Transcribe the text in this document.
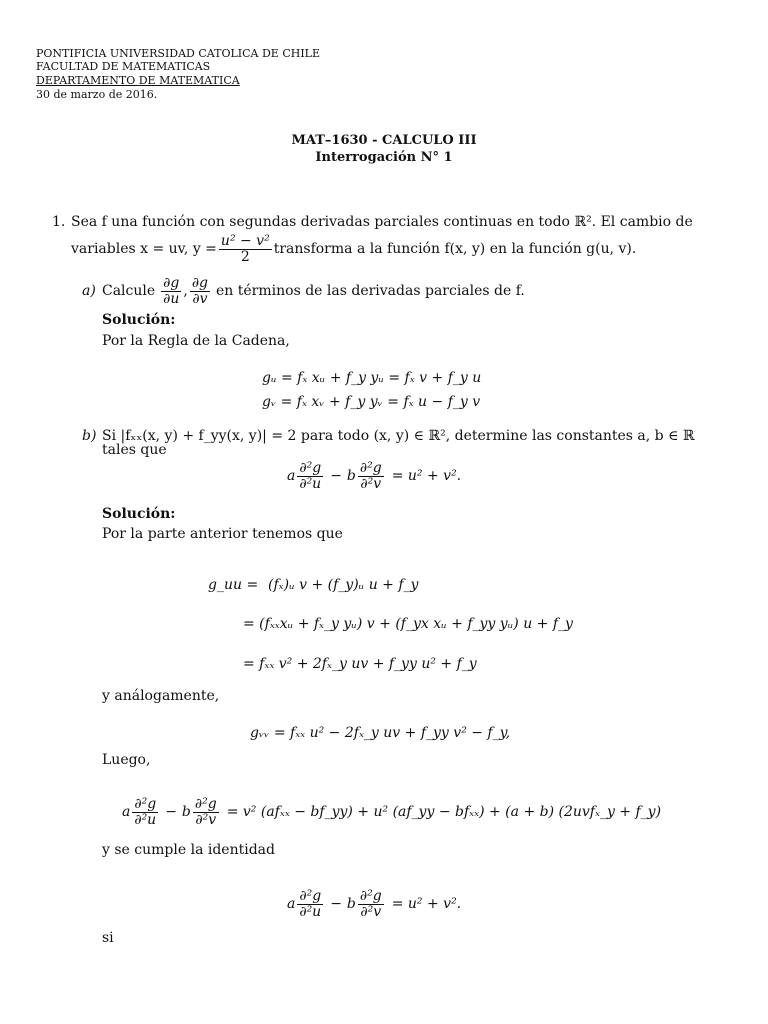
PONTIFICIA UNIVERSIDAD CATOLICA DE CHILE
FACULTAD DE MATEMATICAS
DEPARTAMENTO DE MATEMATICA
30 de marzo de 2016.
MAT–1630 - CALCULO III
Interrogación N° 1
1. Sea f una función con segundas derivadas parciales continuas en todo ℝ². El cambio de
variables x = uv, $y = \frac{\text{u² − v²}}{2}$ transforma a la función f(x, y) en la función g(u, v).
a) Calcule $\frac{\partial g}{\partial u}$ , $\frac{\partial g}{\partial v}$ en términos de las derivadas parciales de f.
Solución:
Por la Regla de la Cadena,
gᵤ = fₓ xᵤ + f_y yᵤ = fₓ v + f_y u
gᵥ = fₓ xᵥ + f_y yᵥ = fₓ u − f_y v
b) Si |fₓₓ(x, y) + f_yy(x, y)| = 2 para todo (x, y) ∈ ℝ², determine las constantes a, b ∈ ℝ
tales que
a $\frac{\text{∂²g}}{\text{∂²u}} - b \frac{\text{∂²g}}{\text{∂²v}} = u^2 + v^2$.
Solución:
Por la parte anterior tenemos que
g_uu = (fₓ)ᵤ v + (f_y)ᵤ u + f_y
= (fₓₓxᵤ + fₓ_y yᵤ) v + (f_yx xᵤ + f_yy yᵤ) u + f_y
= fₓₓ v² + 2fₓ_y uv + f_yy u² + f_y
y análogamente,
gᵥᵥ = fₓₓ u² − 2fₓ_y uv + f_yy v² − f_y,
Luego,
a $\frac{\text{∂²g}}{\text{∂²u}} - b \frac{\text{∂²g}}{\text{∂²v}} = v^2$ (afₓₓ − bf_yy) + u² (af_yy − bfₓₓ) + (a + b) (2uvfₓ_y + f_y)
y se cumple la identidad
a $\frac{\text{∂²g}}{\text{∂²u}} - b \frac{\text{∂²g}}{\text{∂²v}} = u^2 + v^2$.
si
